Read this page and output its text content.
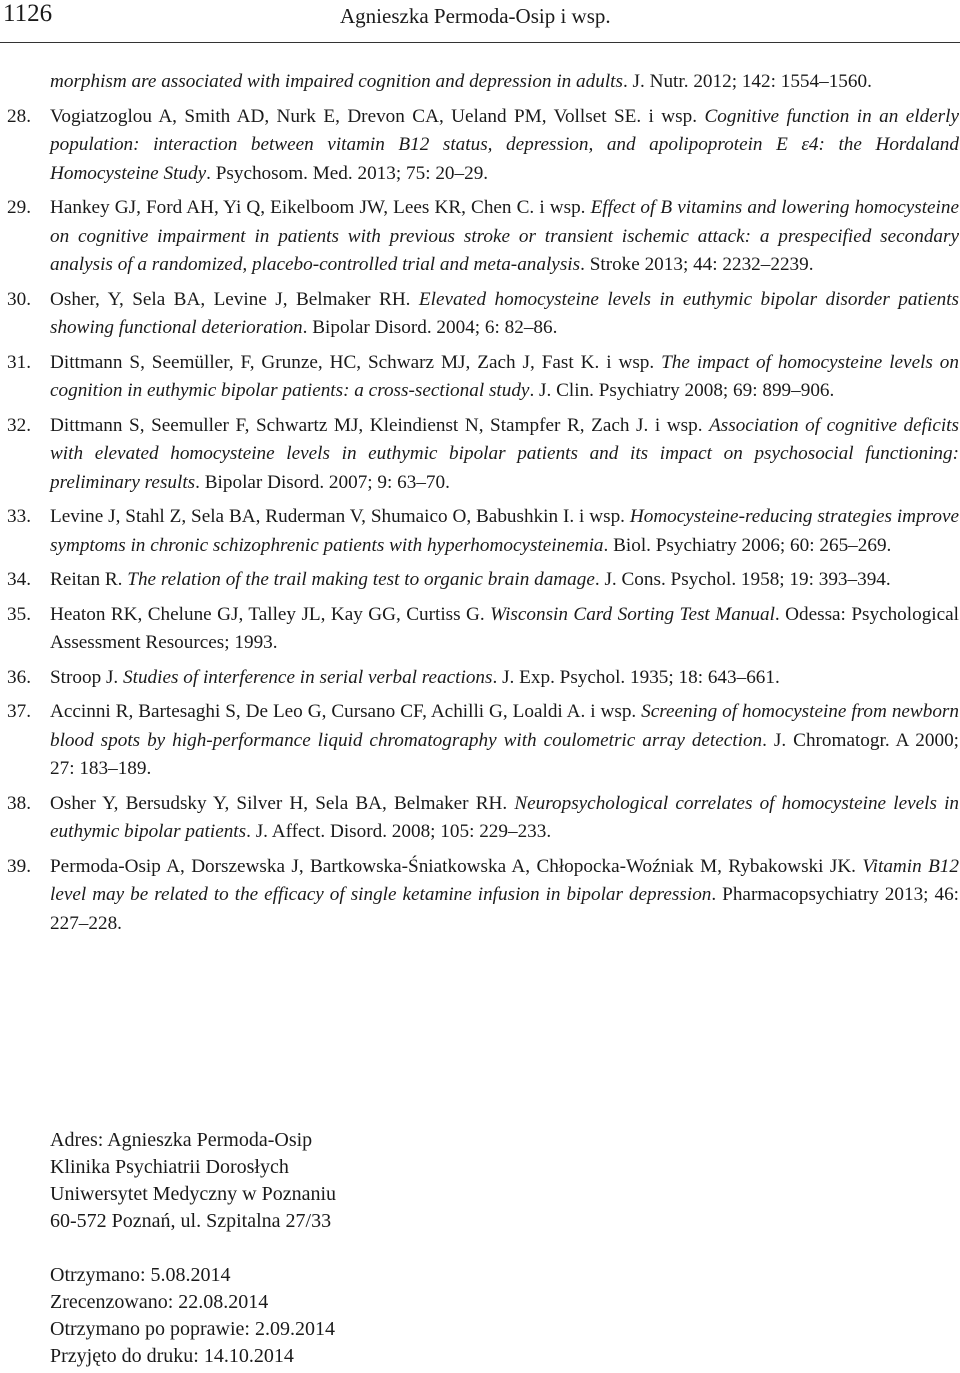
1126	Agnieszka Permoda-Osip i wsp.
morphism are associated with impaired cognition and depression in adults. J. Nutr. 2012; 142: 1554–1560.
28. Vogiatzoglou A, Smith AD, Nurk E, Drevon CA, Ueland PM, Vollset SE. i wsp. Cognitive function in an elderly population: interaction between vitamin B12 status, depression, and apolipoprotein E ε4: the Hordaland Homocysteine Study. Psychosom. Med. 2013; 75: 20–29.
29. Hankey GJ, Ford AH, Yi Q, Eikelboom JW, Lees KR, Chen C. i wsp. Effect of B vitamins and lowering homocysteine on cognitive impairment in patients with previous stroke or transient ischemic attack: a prespecified secondary analysis of a randomized, placebo-controlled trial and meta-analysis. Stroke 2013; 44: 2232–2239.
30. Osher, Y, Sela BA, Levine J, Belmaker RH. Elevated homocysteine levels in euthymic bipolar disorder patients showing functional deterioration. Bipolar Disord. 2004; 6: 82–86.
31. Dittmann S, Seemüller, F, Grunze, HC, Schwarz MJ, Zach J, Fast K. i wsp. The impact of homocysteine levels on cognition in euthymic bipolar patients: a cross-sectional study. J. Clin. Psychiatry 2008; 69: 899–906.
32. Dittmann S, Seemuller F, Schwartz MJ, Kleindienst N, Stampfer R, Zach J. i wsp. Association of cognitive deficits with elevated homocysteine levels in euthymic bipolar patients and its impact on psychosocial functioning: preliminary results. Bipolar Disord. 2007; 9: 63–70.
33. Levine J, Stahl Z, Sela BA, Ruderman V, Shumaico O, Babushkin I. i wsp. Homocysteine-reducing strategies improve symptoms in chronic schizophrenic patients with hyperhomocysteinemia. Biol. Psychiatry 2006; 60: 265–269.
34. Reitan R. The relation of the trail making test to organic brain damage. J. Cons. Psychol. 1958; 19: 393–394.
35. Heaton RK, Chelune GJ, Talley JL, Kay GG, Curtiss G. Wisconsin Card Sorting Test Manual. Odessa: Psychological Assessment Resources; 1993.
36. Stroop J. Studies of interference in serial verbal reactions. J. Exp. Psychol. 1935; 18: 643–661.
37. Accinni R, Bartesaghi S, De Leo G, Cursano CF, Achilli G, Loaldi A. i wsp. Screening of homocysteine from newborn blood spots by high-performance liquid chromatography with coulometric array detection. J. Chromatogr. A 2000; 27: 183–189.
38. Osher Y, Bersudsky Y, Silver H, Sela BA, Belmaker RH. Neuropsychological correlates of homocysteine levels in euthymic bipolar patients. J. Affect. Disord. 2008; 105: 229–233.
39. Permoda-Osip A, Dorszewska J, Bartkowska-Śniatkowska A, Chłopocka-Woźniak M, Rybakowski JK. Vitamin B12 level may be related to the efficacy of single ketamine infusion in bipolar depression. Pharmacopsychiatry 2013; 46: 227–228.
Adres: Agnieszka Permoda-Osip
Klinika Psychiatrii Dorosłych
Uniwersytet Medyczny w Poznaniu
60-572 Poznań, ul. Szpitalna 27/33
Otrzymano: 5.08.2014
Zrecenzowano: 22.08.2014
Otrzymano po poprawie: 2.09.2014
Przyjęto do druku: 14.10.2014
